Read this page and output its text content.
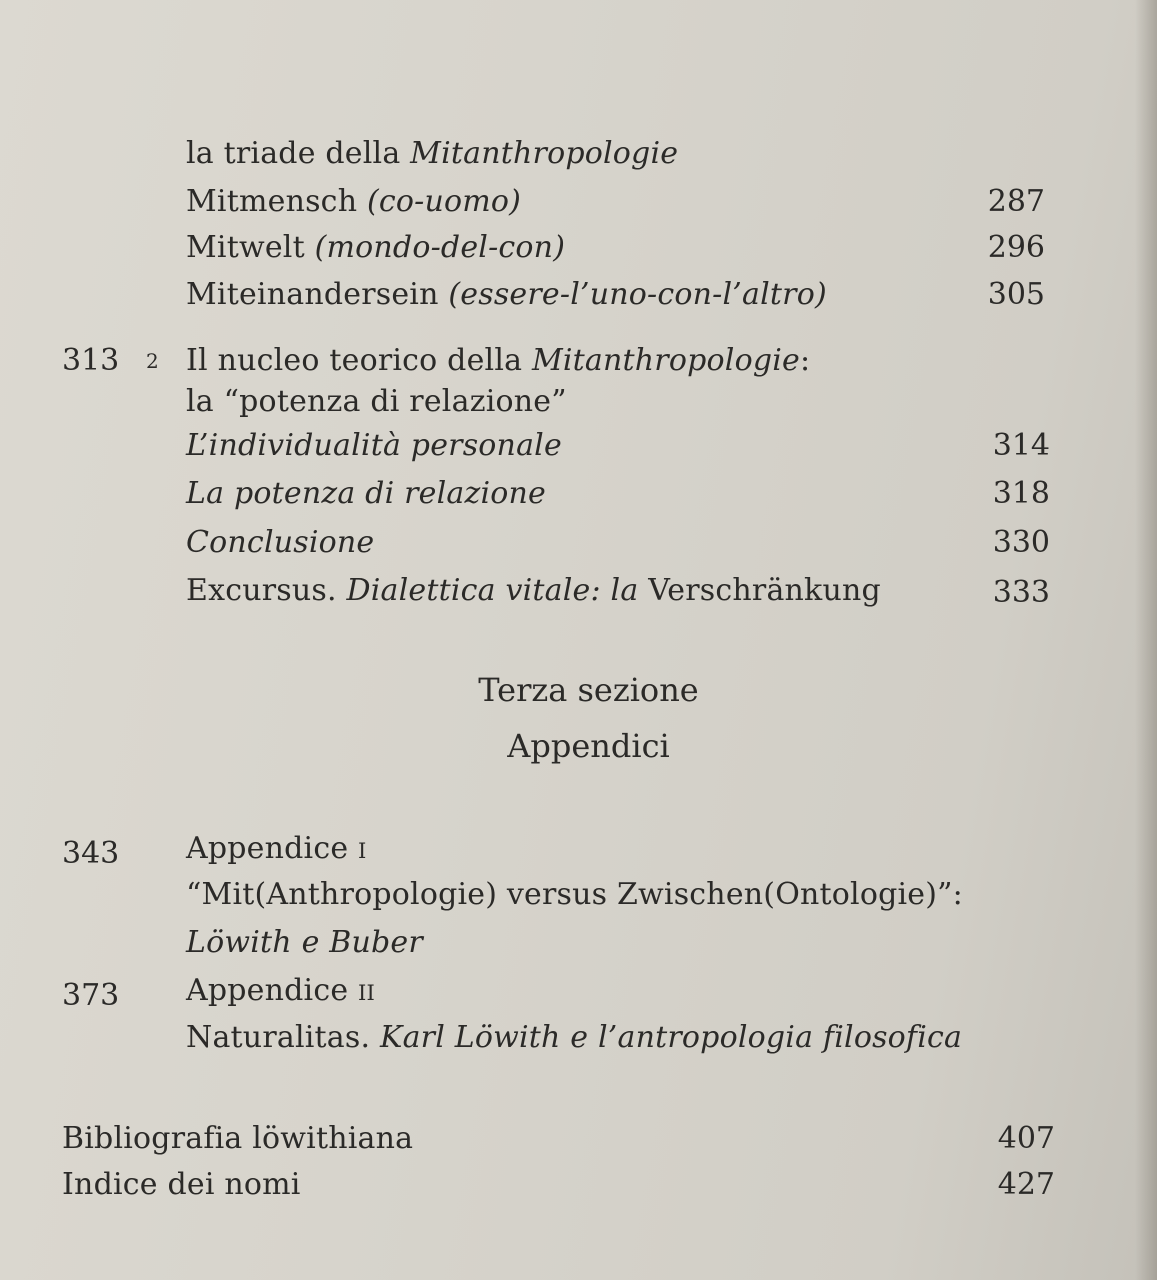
la triade della Mitanthropologie
Mitmensch (co-uomo)	287
Mitwelt (mondo-del-con)	296
Miteinandersein (essere-l’uno-con-l’altro)	305
313 2 Il nucleo teorico della Mitanthropologie:
la “potenza di relazione”
L’individualità personale	314
La potenza di relazione	318
Conclusione	330
Excursus. Dialettica vitale: la Verschränkung	333
Terza sezione
Appendici
343 Appendice i
“Mit(Anthropologie) versus Zwischen(Ontologie)”:
Löwith e Buber
373 Appendice ii
Naturalitas. Karl Löwith e l’antropologia filosofica
Bibliografia löwithiana	407
Indice dei nomi	427
